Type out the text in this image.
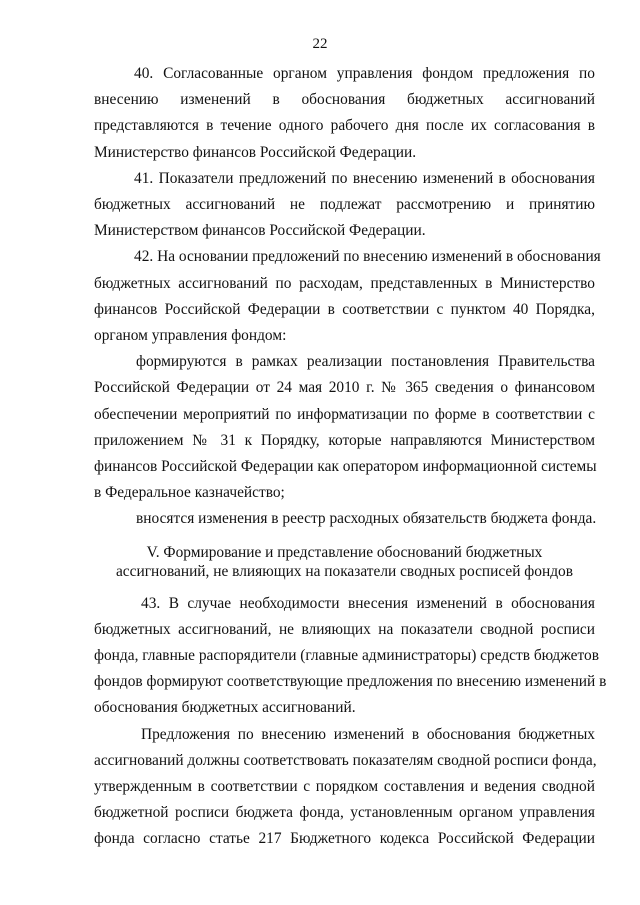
22

40. Согласованные органом управления фондом предложения по
внесению изменений в обоснования бюджетных ассигнований
представляются в течение одного рабочего дня после их согласования в
Министерство финансов Российской Федерации.

41. Показатели предложений по внесению изменений в обоснования
бюджетных ассигнований не подлежат рассмотрению и принятию
Министерством финансов Российской Федерации.

42. На основании предложений по внесению изменений в обоснования
бюджетных ассигнований по расходам, представленных в Министерство
финансов Российской Федерации в соответствии с пунктом 40 Порядка,
органом управления фондом:

формируются в рамках реализации постановления Правительства
Российской Федерации от 24 мая 2010 г. № 365 сведения о финансовом
обеспечении мероприятий по информатизации по форме в соответствии с
приложением № 31 к Порядку, которые направляются Министерством
финансов Российской Федерации как оператором информационной системы
в Федеральное казначейство;

вносятся изменения в реестр расходных обязательств бюджета фонда.

V. Формирование и представление обоснований бюджетных
ассигнований, не влияющих на показатели сводных росписей фондов

43. В случае необходимости внесения изменений в обоснования
бюджетных ассигнований, не влияющих на показатели сводной росписи
фонда, главные распорядители (главные администраторы) средств бюджетов
фондов формируют соответствующие предложения по внесению изменений в
обоснования бюджетных ассигнований.

Предложения по внесению изменений в обоснования бюджетных
ассигнований должны соответствовать показателям сводной росписи фонда,
утвержденным в соответствии с порядком составления и ведения сводной
бюджетной росписи бюджета фонда, установленным органом управления
фонда согласно статье 217 Бюджетного кодекса Российской Федерации
